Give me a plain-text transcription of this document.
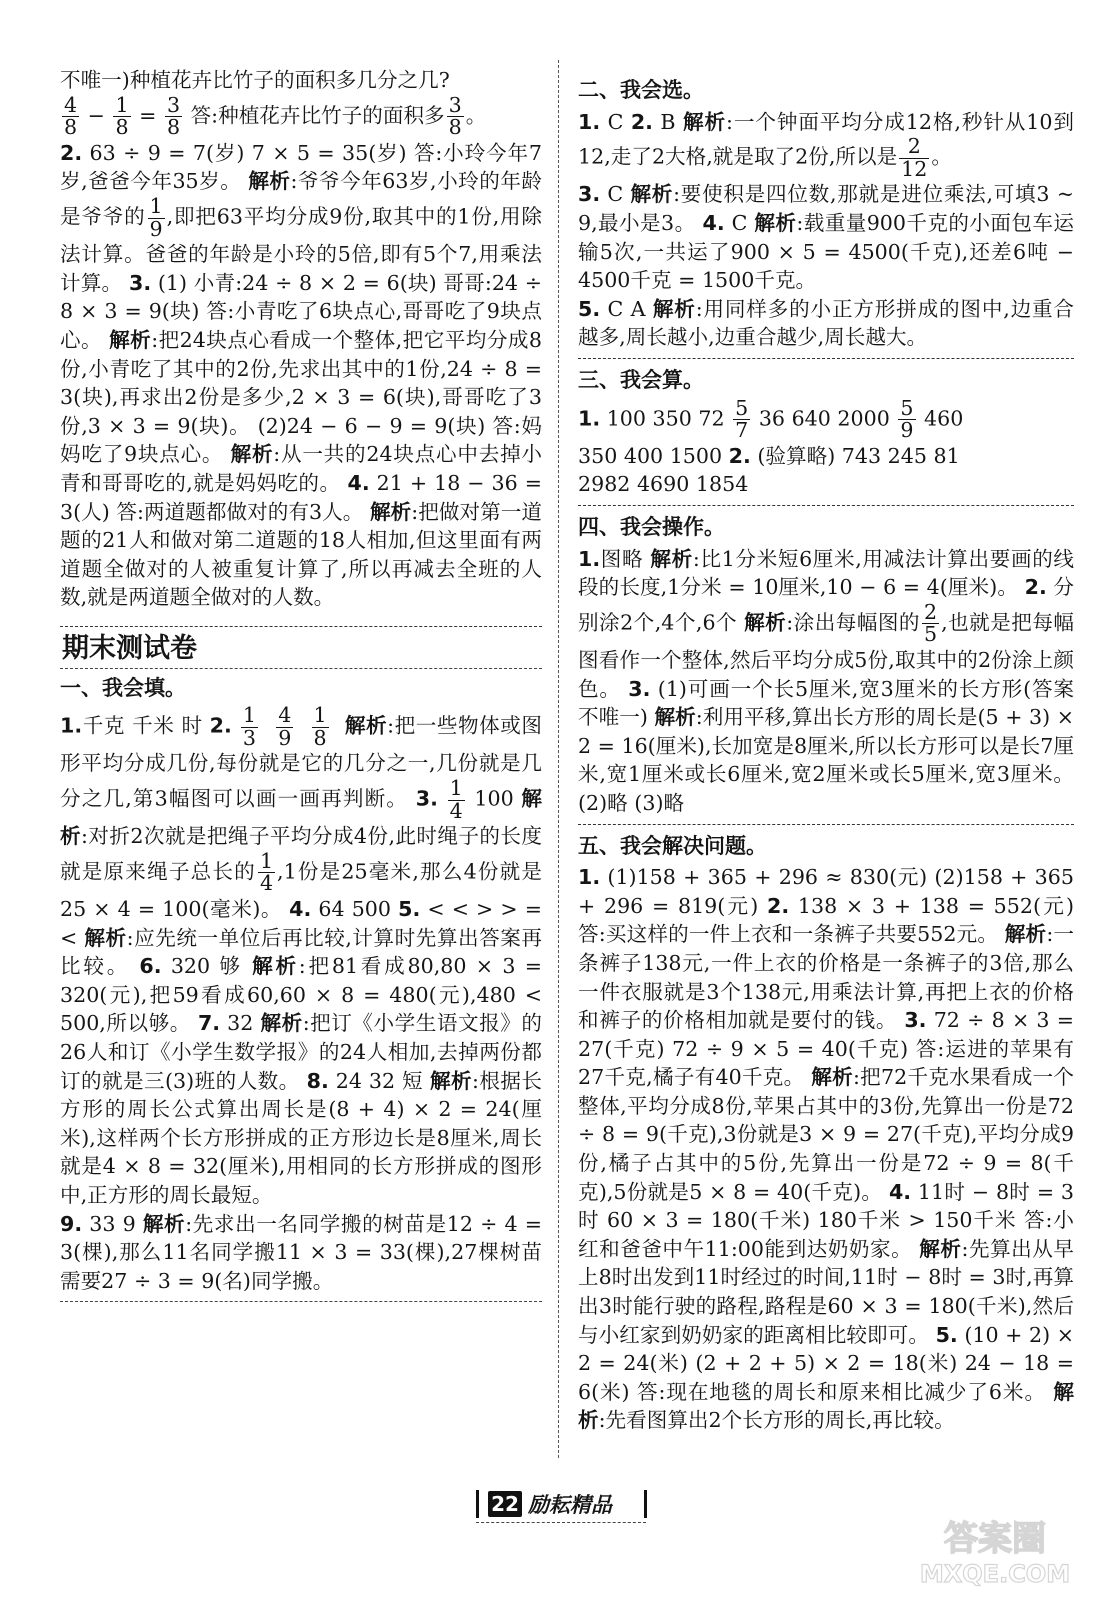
不唯一)种植花卉比竹子的面积多几分之几?

$\frac{4}{8} - \frac{1}{8} = \frac{3}{8}$ 答:种植花卉比竹子的面积多 $\frac{3}{8}$ 。
2. 63 ÷ 9 = 7(岁) 7 × 5 = 35(岁) 答:小玲今年7岁,爸爸今年35岁。 解析:爷爷今年63岁,小玲的年龄是爷爷的 $\frac{1}{9}$ ,即把63平均分成9份,取其中的1份,用除法计算。爸爸的年龄是小玲的5倍,即有5个7,用乘法计算。 3. (1) 小青:24 ÷ 8 × 2 = 6(块) 哥哥:24 ÷ 8 × 3 = 9(块) 答:小青吃了6块点心,哥哥吃了9块点心。 解析:把24块点心看成一个整体,把它平均分成8份,小青吃了其中的2份,先求出其中的1份,24 ÷ 8 = 3(块),再求出2份是多少,2 × 3 = 6(块),哥哥吃了3份,3 × 3 = 9(块)。 (2)24 − 6 − 9 = 9(块) 答:妈妈吃了9块点心。 解析:从一共的24块点心中去掉小青和哥哥吃的,就是妈妈吃的。 4. 21 + 18 − 36 = 3(人) 答:两道题都做对的有3人。 解析:把做对第一道题的21人和做对第二道题的18人相加,但这里面有两道题全做对的人被重复计算了,所以再减去全班的人数,就是两道题全做对的人数。

期末测试卷
一、我会填。

1.千克 千米 时 2. $\frac{1}{3}$
$\frac{4}{9}$
$\frac{1}{8}$ 解析:把一些物体或图形平均分成几份,每份就是它的几分之一,几份就是几分之几,第3幅图可以画一画再判断。 3. $\frac{1}{4} 100$ 解析:对折2次就是把绳子平均分成4份,此时绳子的长度就是原来绳子总长的 $\frac{1}{4} ,1$份是25毫米,那么4份就是25 × 4 = 100(毫米)。 4. 64 500 5. < < > > = < 解析:应先统一单位后再比较,计算时先算出答案再比较。 6. 320 够 解析:把81看成80,80 × 3 = 320(元),把59看成60,60 × 8 = 480(元),480 < 500,所以够。 7. 32 解析:把订《小学生语文报》的26人和订《小学生数学报》的24人相加,去掉两份都订的就是三(3)班的人数。 8. 24 32 短 解析:根据长方形的周长公式算出周长是(8 + 4) × 2 = 24(厘米),这样两个长方形拼成的正方形边长是8厘米,周长就是4 × 8 = 32(厘米),用相同的长方形拼成的图形中,正方形的周长最短。
9. 33 9 解析:先求出一名同学搬的树苗是12 ÷ 4 = 3(棵),那么11名同学搬11 × 3 = 33(棵),27棵树苗需要27 ÷ 3 = 9(名)同学搬。

二、我会选。

1. C 2. B 解析:一个钟面平均分成12格,秒针从10到12,走了2大格,就是取了2份,所以是 $\frac{2}{12}$ 。
3. C 解析:要使积是四位数,那就是进位乘法,可填3 ~ 9,最小是3。 4. C 解析:载重量900千克的小面包车运输5次,一共运了900 × 5 = 4500(千克),还差6吨 − 4500千克 = 1500千克。
5. C A 解析:用同样多的小正方形拼成的图中,边重合越多,周长越小,边重合越少,周长越大。

三、我会算。

1. 100 350 $72 \frac{5}{7} 36$ 640 $2000 \frac{5}{9} 460$
350 400 1500 2. (验算略) 743 245 81
2982 4690 1854

四、我会操作。

1.图略 解析:比1分米短6厘米,用减法计算出要画的线段的长度,1分米 = 10厘米,10 − 6 = 4(厘米)。 2. 分别涂2个,4个,6个 解析:涂出每幅图的 $\frac{2}{5}$ ,也就是把每幅图看作一个整体,然后平均分成5份,取其中的2份涂上颜色。 3. (1)可画一个长5厘米,宽3厘米的长方形(答案不唯一) 解析:利用平移,算出长方形的周长是(5 + 3) × 2 = 16(厘米),长加宽是8厘米,所以长方形可以是长7厘米,宽1厘米或长6厘米,宽2厘米或长5厘米,宽3厘米。 (2)略 (3)略

五、我会解决问题。

1. (1)158 + 365 + 296 ≈ 830(元) (2)158 + 365 + 296 = 819(元) 2. 138 × 3 + 138 = 552(元) 答:买这样的一件上衣和一条裤子共要552元。 解析:一条裤子138元,一件上衣的价格是一条裤子的3倍,那么一件衣服就是3个138元,用乘法计算,再把上衣的价格和裤子的价格相加就是要付的钱。 3. 72 ÷ 8 × 3 = 27(千克) 72 ÷ 9 × 5 = 40(千克) 答:运进的苹果有27千克,橘子有40千克。 解析:把72千克水果看成一个整体,平均分成8份,苹果占其中的3份,先算出一份是72 ÷ 8 = 9(千克),3份就是3 × 9 = 27(千克),平均分成9份,橘子占其中的5份,先算出一份是72 ÷ 9 = 8(千克),5份就是5 × 8 = 40(千克)。 4. 11时 − 8时 = 3时 60 × 3 = 180(千米) 180千米 > 150千米 答:小红和爸爸中午11:00能到达奶奶家。 解析:先算出从早上8时出发到11时经过的时间,11时 − 8时 = 3时,再算出3时能行驶的路程,路程是60 × 3 = 180(千米),然后与小红家到奶奶家的距离相比较即可。 5. (10 + 2) × 2 = 24(米) (2 + 2 + 5) × 2 = 18(米) 24 − 18 = 6(米) 答:现在地毯的周长和原来相比减少了6米。 解析:先看图算出2个长方形的周长,再比较。

22 励耘精品
答案圈
MXQE.COM
